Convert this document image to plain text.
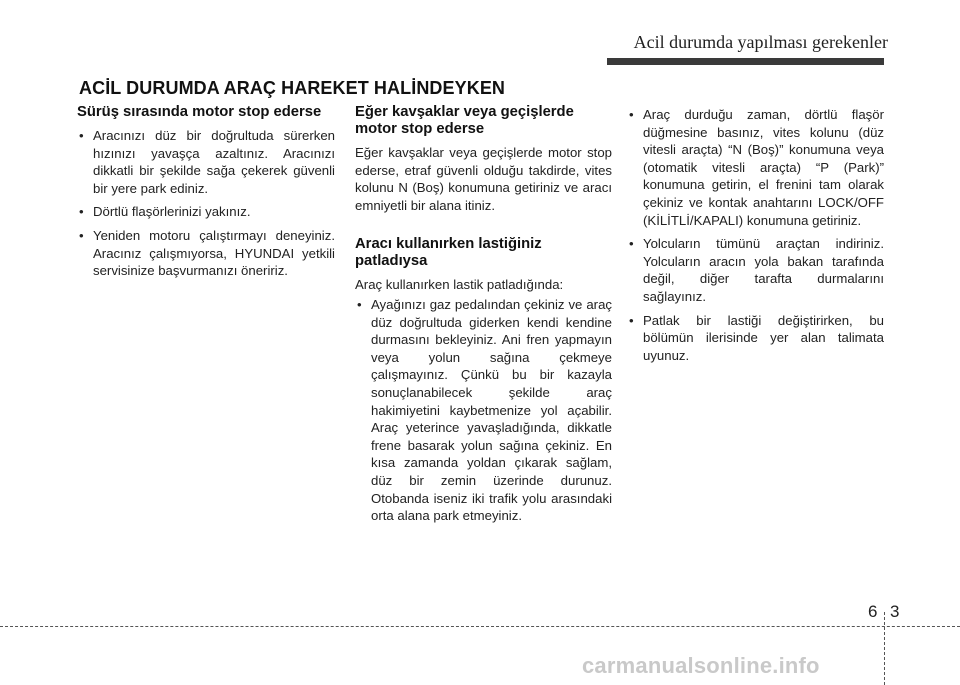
Acil durumda yapılması gerekenler
ACİL DURUMDA ARAÇ HAREKET HALİNDEYKEN
Sürüş sırasında motor stop ederse
• Aracınızı düz bir doğrultuda sürerken hızınızı yavaşça azaltınız. Aracınızı dikkatli bir şekilde sağa çekerek güvenli bir yere park ediniz.
• Dörtlü flaşörlerinizi yakınız.
• Yeniden motoru çalıştırmayı deneyiniz. Aracınız çalışmıyorsa, HYUNDAI yetkili servisinize başvurmanızı öneririz.
Eğer kavşaklar veya geçişlerde motor stop ederse

Eğer kavşaklar veya geçişlerde motor stop ederse, etraf güvenli olduğu takdirde, vites kolunu N (Boş) konumuna getiriniz ve aracı emniyetli bir alana itiniz.

Aracı kullanırken lastiğiniz patladıysa

Araç kullanırken lastik patladığında:

• Ayağınızı gaz pedalından çekiniz ve araç düz doğrultuda giderken kendi kendine durmasını bekleyiniz. Ani fren yapmayın veya yolun sağına çekmeye çalışmayınız. Çünkü bu bir kazayla sonuçlanabilecek şekilde araç hakimiyetini kaybetmenize yol açabilir. Araç yeterince yavaşladığında, dikkatle frene basarak yolun sağına çekiniz. En kısa zamanda yoldan çıkarak sağlam, düz bir zemin üzerinde durunuz. Otobanda iseniz iki trafik yolu arasındaki orta alana park etmeyiniz.
• Araç durduğu zaman, dörtlü flaşör düğmesine basınız, vites kolunu (düz vitesli araçta) “N (Boş)” konumuna veya (otomatik vitesli araçta) “P (Park)” konumuna getirin, el frenini tam olarak çekiniz ve kontak anahtarını LOCK/OFF (KİLİTLİ/KAPALI) konumuna getiriniz.
• Yolcuların tümünü araçtan indiriniz. Yolcuların aracın yola bakan tarafında değil, diğer tarafta durmalarını sağlayınız.
• Patlak bir lastiği değiştirirken, bu bölümün ilerisinde yer alan talimata uyunuz.
6 3
carmanualsonline.info
